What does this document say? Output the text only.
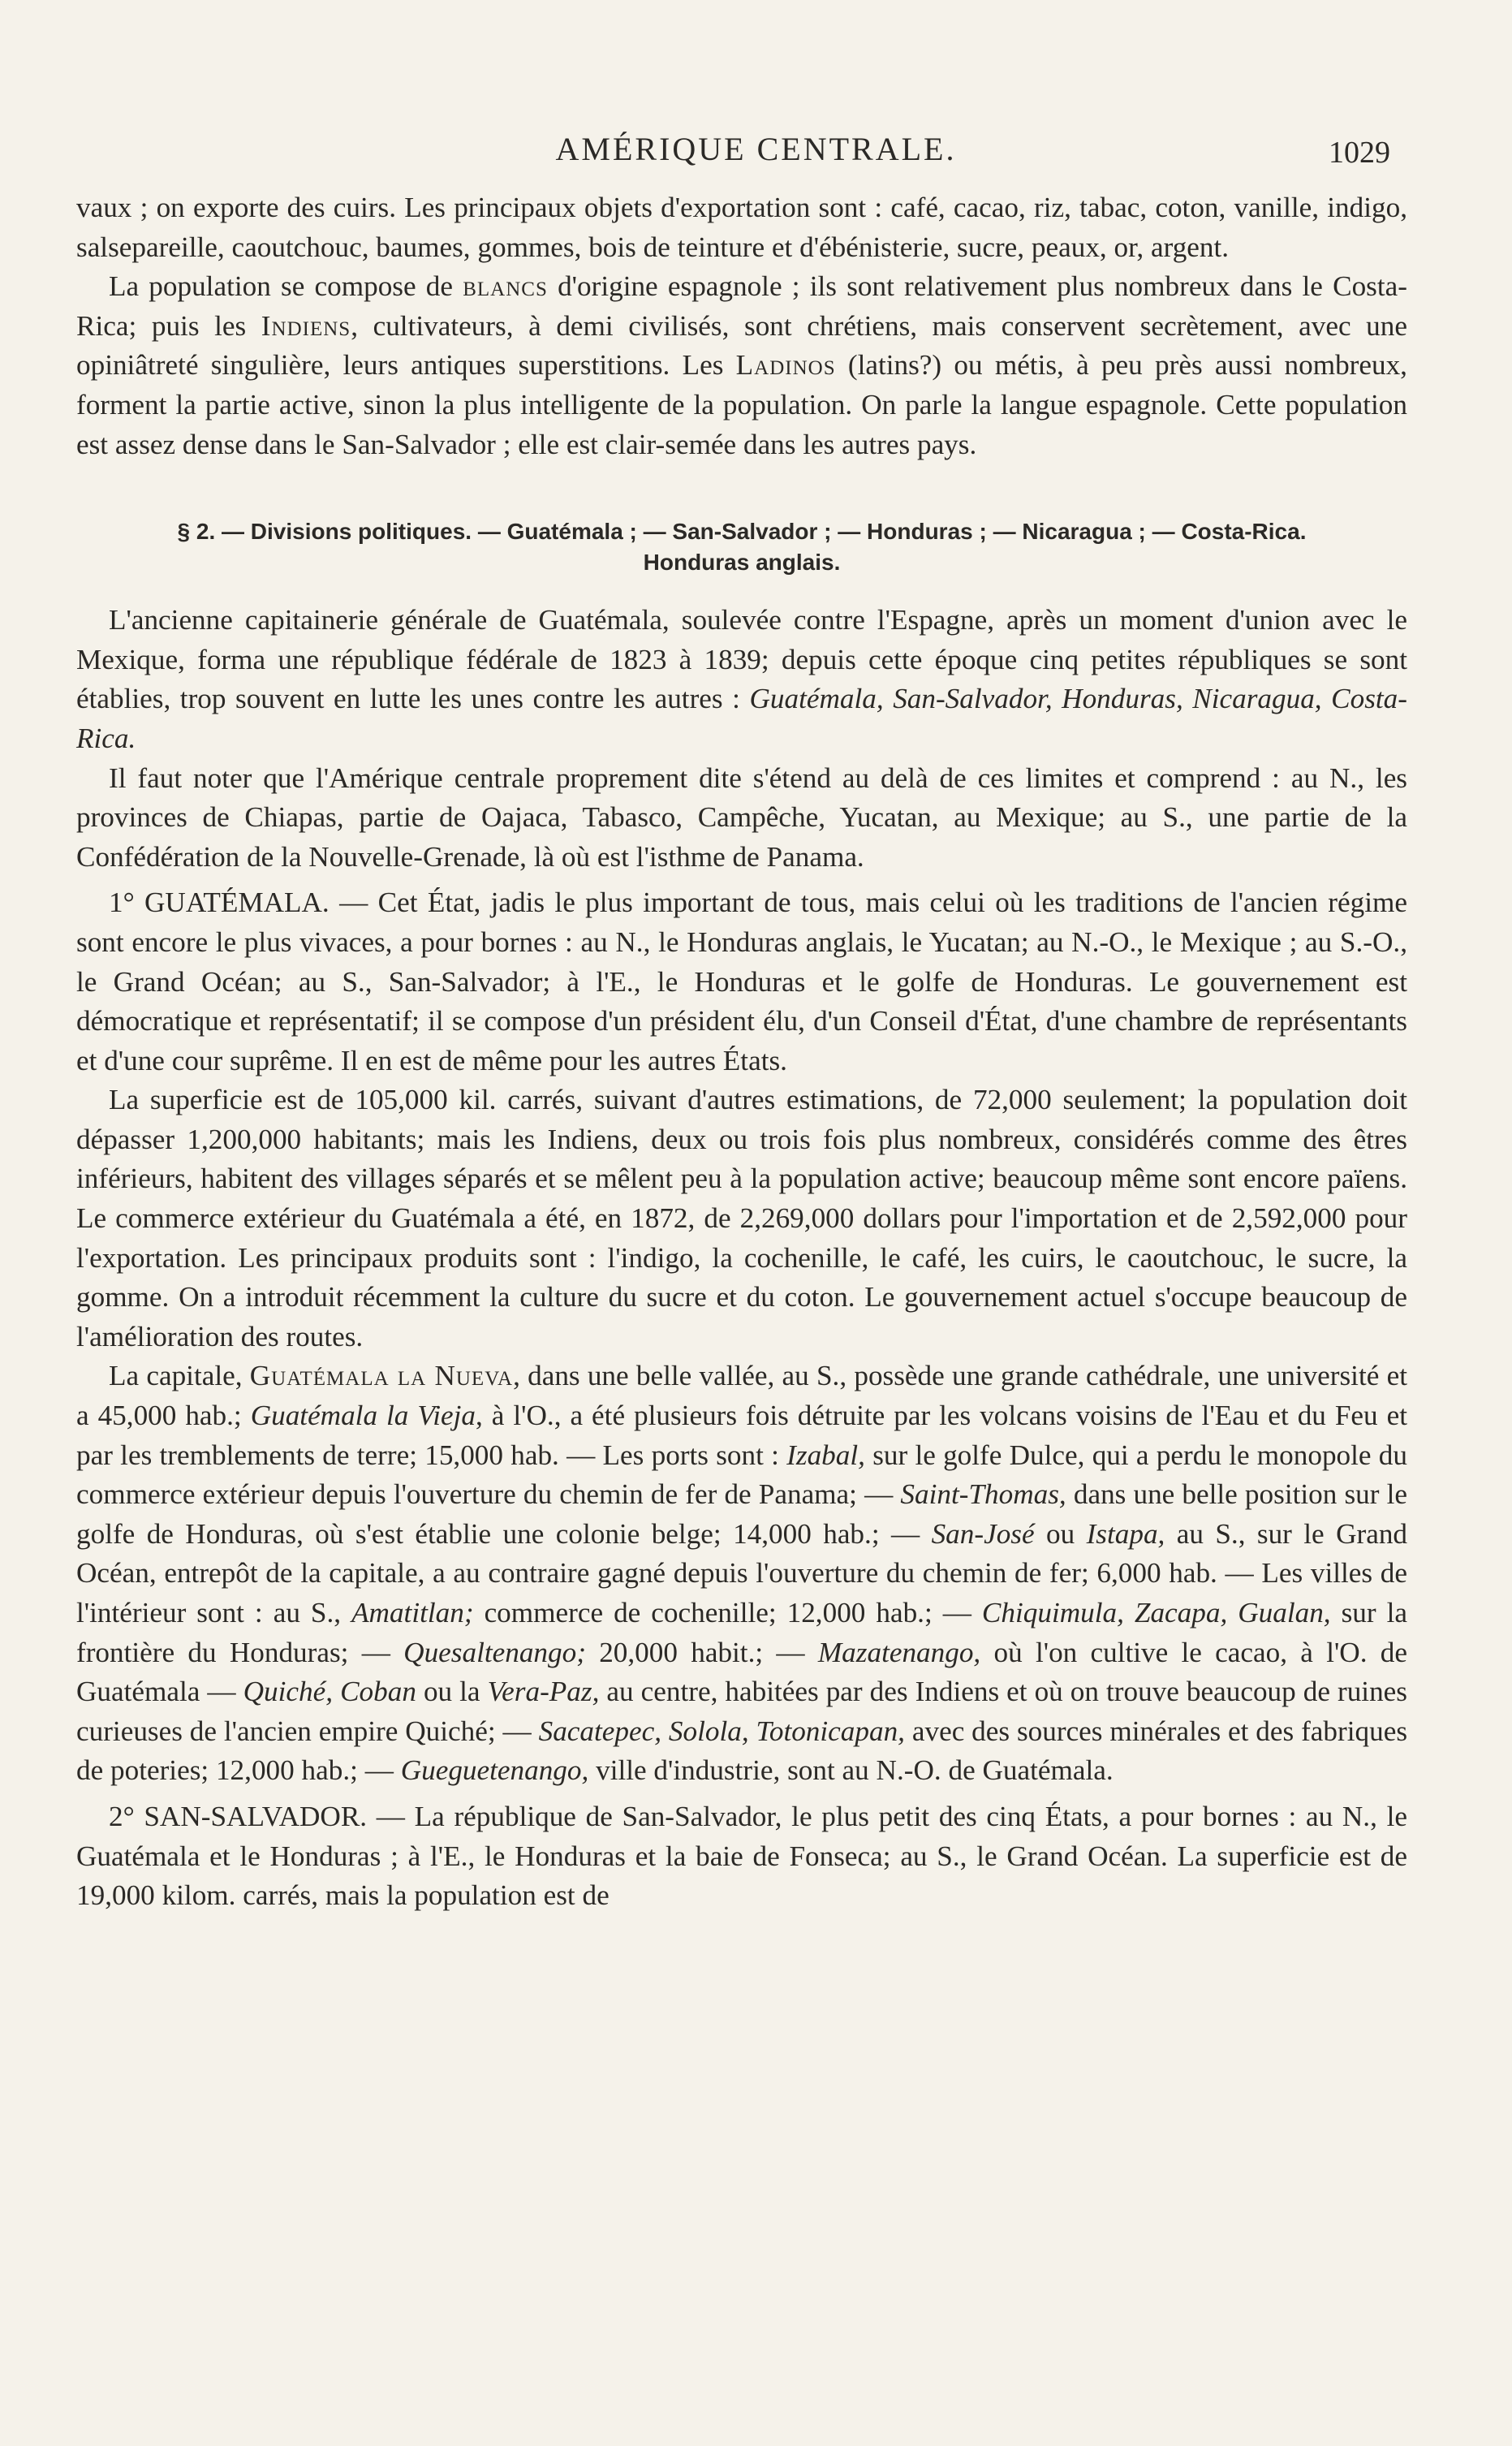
AMÉRIQUE CENTRALE.	1029

vaux ; on exporte des cuirs. Les principaux objets d'exportation sont : café, cacao, riz, tabac, coton, vanille, indigo, salsepareille, caoutchouc, baumes, gommes, bois de teinture et d'ébénisterie, sucre, peaux, or, argent.

La population se compose de blancs d'origine espagnole ; ils sont relativement plus nombreux dans le Costa-Rica; puis les Indiens, cultivateurs, à demi civilisés, sont chrétiens, mais conservent secrètement, avec une opiniâtreté singulière, leurs antiques superstitions. Les Ladinos (latins?) ou métis, à peu près aussi nombreux, forment la partie active, sinon la plus intelligente de la population. On parle la langue espagnole. Cette population est assez dense dans le San-Salvador ; elle est clair-semée dans les autres pays.

§ 2. — Divisions politiques. — Guatémala ; — San-Salvador ; — Honduras ; — Nicaragua ; — Costa-Rica.
Honduras anglais.

L'ancienne capitainerie générale de Guatémala, soulevée contre l'Espagne, après un moment d'union avec le Mexique, forma une république fédérale de 1823 à 1839; depuis cette époque cinq petites républiques se sont établies, trop souvent en lutte les unes contre les autres : Guatémala, San-Salvador, Honduras, Nicaragua, Costa-Rica.

Il faut noter que l'Amérique centrale proprement dite s'étend au delà de ces limites et comprend : au N., les provinces de Chiapas, partie de Oajaca, Tabasco, Campêche, Yucatan, au Mexique; au S., une partie de la Confédération de la Nouvelle-Grenade, là où est l'isthme de Panama.

1° GUATÉMALA. — Cet État, jadis le plus important de tous, mais celui où les traditions de l'ancien régime sont encore le plus vivaces, a pour bornes : au N., le Honduras anglais, le Yucatan; au N.-O., le Mexique ; au S.-O., le Grand Océan; au S., San-Salvador; à l'E., le Honduras et le golfe de Honduras. Le gouvernement est démocratique et représentatif; il se compose d'un président élu, d'un Conseil d'État, d'une chambre de représentants et d'une cour suprême. Il en est de même pour les autres États.

La superficie est de 105,000 kil. carrés, suivant d'autres estimations, de 72,000 seulement; la population doit dépasser 1,200,000 habitants; mais les Indiens, deux ou trois fois plus nombreux, considérés comme des êtres inférieurs, habitent des villages séparés et se mêlent peu à la population active; beaucoup même sont encore païens. Le commerce extérieur du Guatémala a été, en 1872, de 2,269,000 dollars pour l'importation et de 2,592,000 pour l'exportation. Les principaux produits sont : l'indigo, la cochenille, le café, les cuirs, le caoutchouc, le sucre, la gomme. On a introduit récemment la culture du sucre et du coton. Le gouvernement actuel s'occupe beaucoup de l'amélioration des routes.

La capitale, Guatémala la Nueva, dans une belle vallée, au S., possède une grande cathédrale, une université et a 45,000 hab.; Guatémala la Vieja, à l'O., a été plusieurs fois détruite par les volcans voisins de l'Eau et du Feu et par les tremblements de terre; 15,000 hab. — Les ports sont : Izabal, sur le golfe Dulce, qui a perdu le monopole du commerce extérieur depuis l'ouverture du chemin de fer de Panama; — Saint-Thomas, dans une belle position sur le golfe de Honduras, où s'est établie une colonie belge; 14,000 hab.; — San-José ou Istapa, au S., sur le Grand Océan, entrepôt de la capitale, a au contraire gagné depuis l'ouverture du chemin de fer; 6,000 hab. — Les villes de l'intérieur sont : au S., Amatitlan; commerce de cochenille; 12,000 hab.; — Chiquimula, Zacapa, Gualan, sur la frontière du Honduras; — Quesaltenango; 20,000 habit.; — Mazatenango, où l'on cultive le cacao, à l'O. de Guatémala — Quiché, Coban ou la Vera-Paz, au centre, habitées par des Indiens et où on trouve beaucoup de ruines curieuses de l'ancien empire Quiché; — Sacatepec, Solola, Totonicapan, avec des sources minérales et des fabriques de poteries; 12,000 hab.; — Gueguetenango, ville d'industrie, sont au N.-O. de Guatémala.

2° SAN-SALVADOR. — La république de San-Salvador, le plus petit des cinq États, a pour bornes : au N., le Guatémala et le Honduras ; à l'E., le Honduras et la baie de Fonseca; au S., le Grand Océan. La superficie est de 19,000 kilom. carrés, mais la population est de
